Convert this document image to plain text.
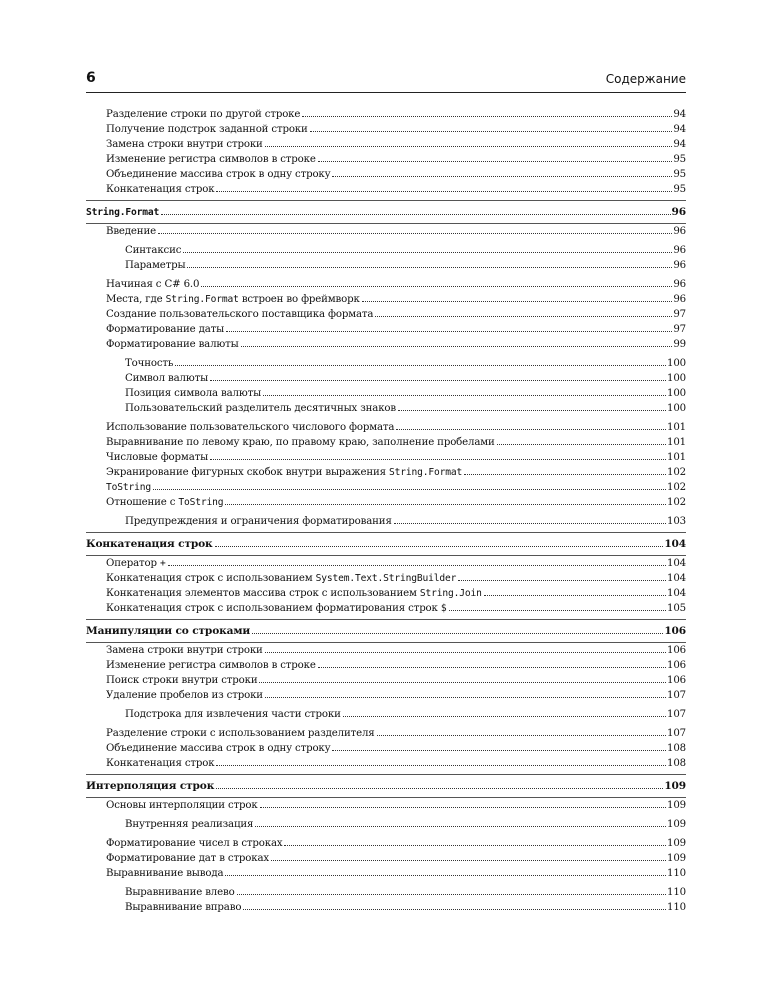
6	Содержание
Разделение строки по другой строке	94
Получение подстрок заданной строки	94
Замена строки внутри строки	94
Изменение регистра символов в строке	95
Объединение массива строк в одну строку	95
Конкатенация строк	95
String.Format	96
Введение	96
Синтаксис	96
Параметры	96
Начиная с C# 6.0	96
Места, где String.Format встроен во фреймворк	96
Создание пользовательского поставщика формата	97
Форматирование даты	97
Форматирование валюты	99
Точность	100
Символ валюты	100
Позиция символа валюты	100
Пользовательский разделитель десятичных знаков	100
Использование пользовательского числового формата	101
Выравнивание по левому краю, по правому краю, заполнение пробелами	101
Числовые форматы	101
Экранирование фигурных скобок внутри выражения String.Format	102
ToString	102
Отношение с ToString	102
Предупреждения и ограничения форматирования	103
Конкатенация строк	104
Оператор +	104
Конкатенация строк с использованием System.Text.StringBuilder	104
Конкатенация элементов массива строк с использованием String.Join	104
Конкатенация строк с использованием форматирования строк $	105
Манипуляции со строками	106
Замена строки внутри строки	106
Изменение регистра символов в строке	106
Поиск строки внутри строки	106
Удаление пробелов из строки	107
Подстрока для извлечения части строки	107
Разделение строки с использованием разделителя	107
Объединение массива строк в одну строку	108
Конкатенация строк	108
Интерполяция строк	109
Основы интерполяции строк	109
Внутренняя реализация	109
Форматирование чисел в строках	109
Форматирование дат в строках	109
Выравнивание вывода	110
Выравнивание влево	110
Выравнивание вправо	110
